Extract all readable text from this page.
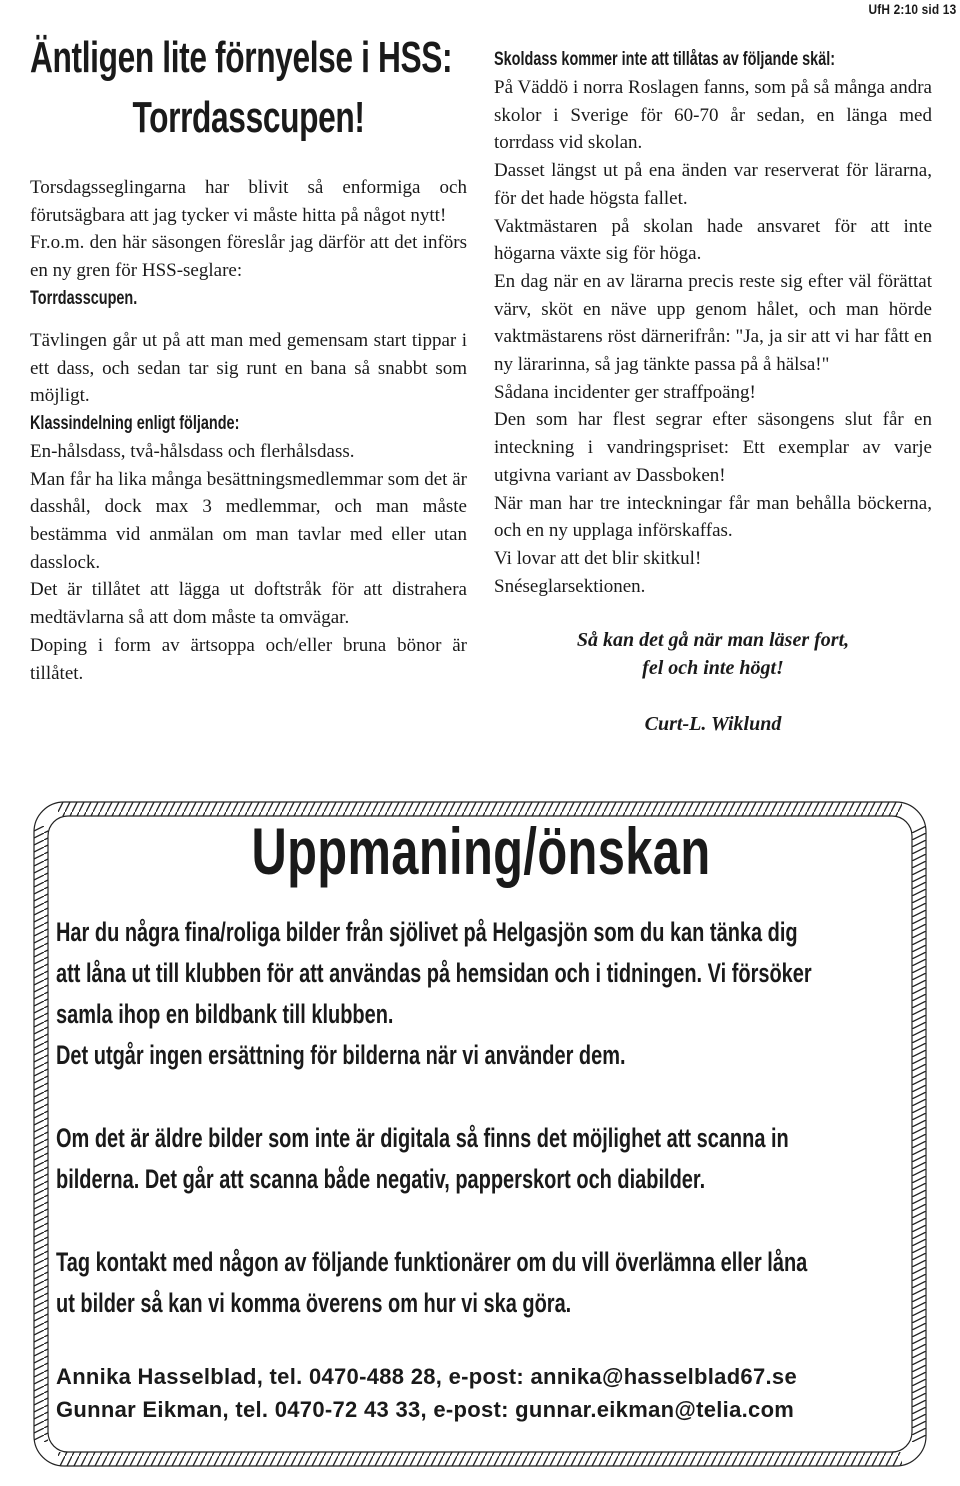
UfH 2:10 sid 13
Äntligen lite förnyelse i HSS:
Torrdasscupen!

Torsdagsseglingarna har blivit så enformiga och förutsägbara att jag tycker vi måste hitta på något nytt!

Fr.o.m. den här säsongen föreslår jag därför att det införs en ny gren för HSS-seglare:

Torrdasscupen.

Tävlingen går ut på att man med gemensam start tippar i ett dass, och sedan tar sig runt en bana så snabbt som möjligt.

Klassindelning enligt följande:

En-hålsdass, två-hålsdass och flerhålsdass.

Man får ha lika många besättningsmedlemmar som det är dasshål, dock max 3 medlemmar, och man måste bestämma vid anmälan om man tavlar med eller utan dasslock.

Det är tillåtet att lägga ut doftstråk för att distrahera medtävlarna så att dom måste ta omvägar.

Doping i form av ärtsoppa och/eller bruna bönor är tillåtet.

Skoldass kommer inte att tillåtas av följande skäl:

På Väddö i norra Roslagen fanns, som på så många andra skolor i Sverige för 60-70 år sedan, en länga med torrdass vid skolan.

Dasset längst ut på ena änden var reserverat för lärarna, för det hade högsta fallet.

Vaktmästaren på skolan hade ansvaret för att inte högarna växte sig för höga.

En dag när en av lärarna precis reste sig efter väl förättat värv, sköt en näve upp genom hålet, och man hörde vaktmästarens röst därnerifrån: "Ja, ja sir att vi har fått en ny lärarinna, så jag tänkte passa på å hälsa!"

Sådana incidenter ger straffpoäng!

Den som har flest segrar efter säsongens slut får en inteckning i vandringspriset: Ett exemplar av varje utgivna variant av Dassboken!

När man har tre inteckningar får man behålla böckerna, och en ny upplaga införskaffas.

Vi lovar att det blir skitkul!

Snéseglarsektionen.

Så kan det gå när man läser fort,

fel och inte högt!

Curt-L. Wiklund

Uppmaning/önskan

Har du några fina/roliga bilder från sjölivet på Helgasjön som du kan tänka dig

att låna ut till klubben för att användas på hemsidan och i tidningen. Vi försöker

samla ihop en bildbank till klubben.

Det utgår ingen ersättning för bilderna när vi använder dem.

Om det är äldre bilder som inte är digitala så finns det möjlighet att scanna in

bilderna. Det går att scanna både negativ, papperskort och diabilder.

Tag kontakt med någon av följande funktionärer om du vill överlämna eller låna

ut bilder så kan vi komma överens om hur vi ska göra.

Annika Hasselblad, tel. 0470-488 28, e-post: annika@hasselblad67.se

Gunnar Eikman, tel. 0470-72 43 33, e-post: gunnar.eikman@telia.com
